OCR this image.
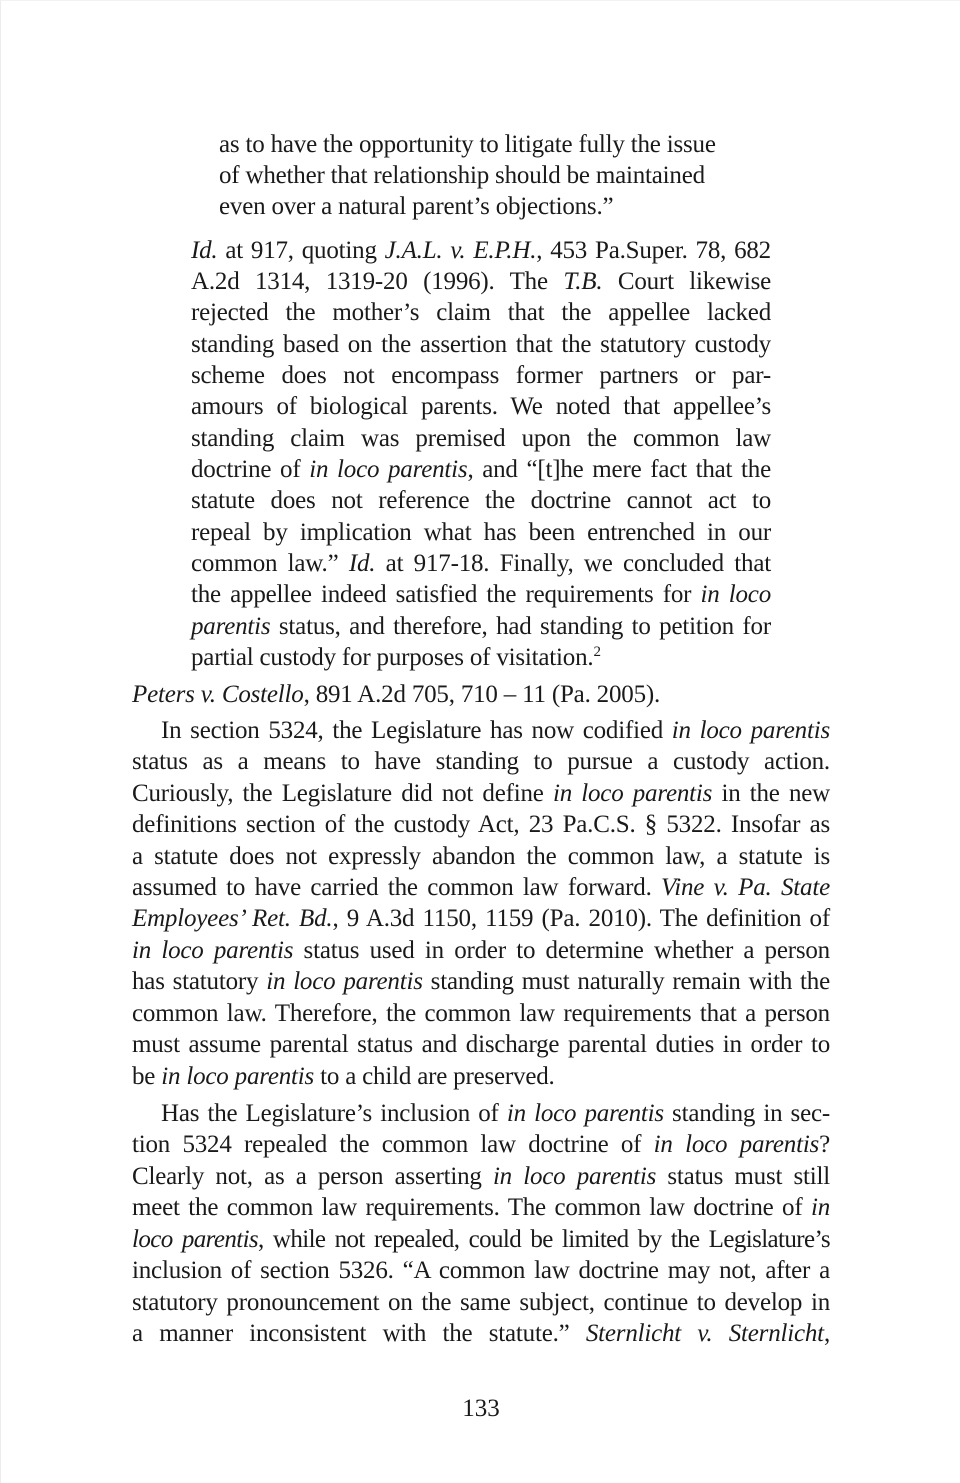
as to have the opportunity to litigate fully the issue
of whether that relationship should be maintained
even over a natural parent’s objections.”
Id. at 917, quoting J.A.L. v. E.P.H., 453 Pa.Super. 78, 682
A.2d 1314, 1319-20 (1996). The T.B. Court likewise
rejected the mother’s claim that the appellee lacked
standing based on the assertion that the statutory custody
scheme does not encompass former partners or par-
amours of biological parents. We noted that appellee’s
standing claim was premised upon the common law
doctrine of in loco parentis, and “[t]he mere fact that the
statute does not reference the doctrine cannot act to
repeal by implication what has been entrenched in our
common law.” Id. at 917-18. Finally, we concluded that
the appellee indeed satisfied the requirements for in loco
parentis status, and therefore, had standing to petition for
partial custody for purposes of visitation.$^2$
Peters v. Costello, 891 A.2d 705, 710 – 11 (Pa. 2005).
In section 5324, the Legislature has now codified in loco parentis
status as a means to have standing to pursue a custody action.
Curiously, the Legislature did not define in loco parentis in the new
definitions section of the custody Act, 23 Pa.C.S. § 5322. Insofar as
a statute does not expressly abandon the common law, a statute is
assumed to have carried the common law forward. Vine v. Pa. State
Employees’ Ret. Bd., 9 A.3d 1150, 1159 (Pa. 2010). The definition of
in loco parentis status used in order to determine whether a person
has statutory in loco parentis standing must naturally remain with the
common law. Therefore, the common law requirements that a person
must assume parental status and discharge parental duties in order to
be in loco parentis to a child are preserved.
Has the Legislature’s inclusion of in loco parentis standing in sec-
tion 5324 repealed the common law doctrine of in loco parentis?
Clearly not, as a person asserting in loco parentis status must still
meet the common law requirements. The common law doctrine of in
loco parentis, while not repealed, could be limited by the Legislature’s
inclusion of section 5326. “A common law doctrine may not, after a
statutory pronouncement on the same subject, continue to develop in
a manner inconsistent with the statute.” Sternlicht v. Sternlicht,
133
